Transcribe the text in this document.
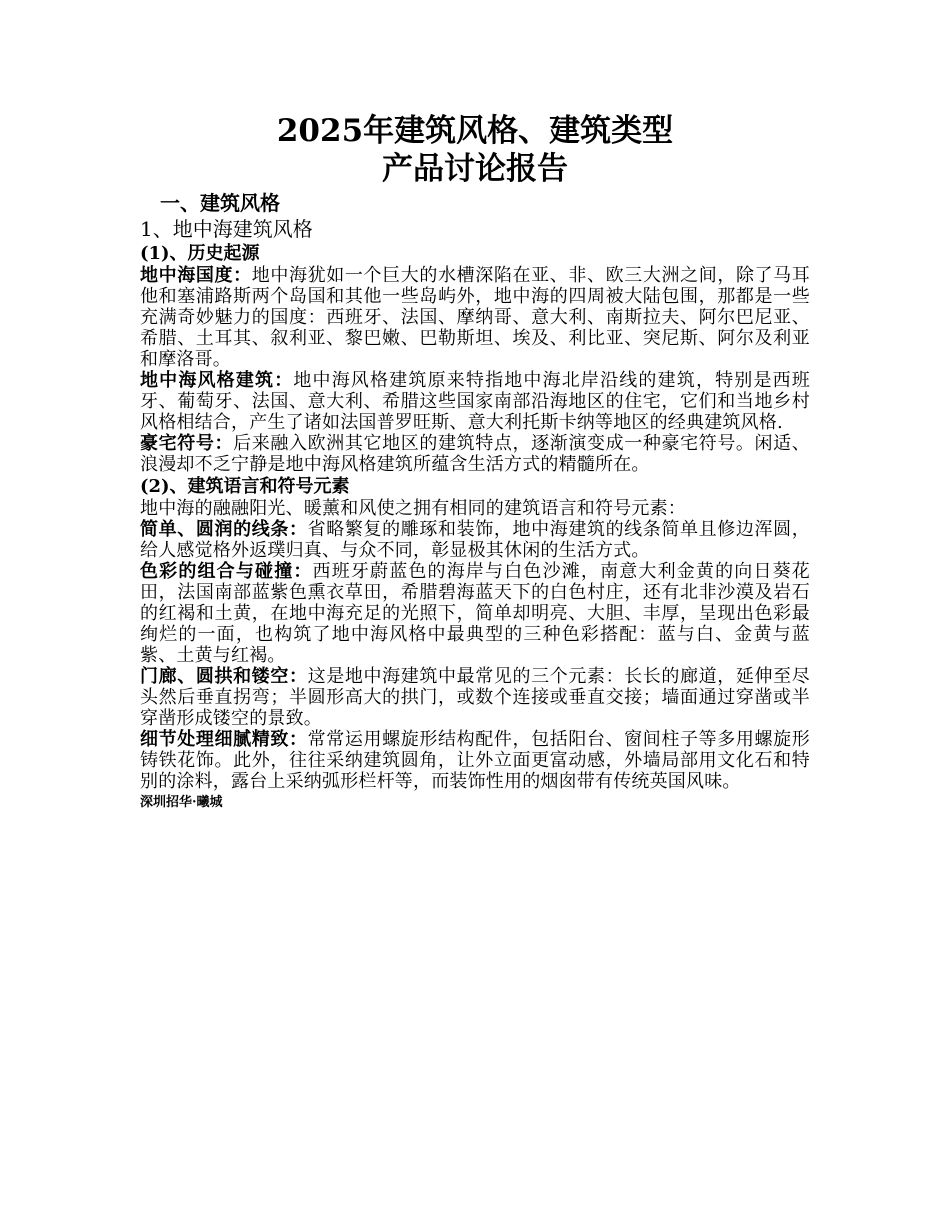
2025年建筑风格、建筑类型
产品讨论报告
一、建筑风格
1、地中海建筑风格
(1)、历史起源

地中海国度：地中海犹如一个巨大的水槽深陷在亚、非、欧三大洲之间，除了马耳他和塞浦路斯两个岛国和其他一些岛屿外，地中海的四周被大陆包围，那都是一些充满奇妙魅力的国度：西班牙、法国、摩纳哥、意大利、南斯拉夫、阿尔巴尼亚、希腊、土耳其、叙利亚、黎巴嫩、巴勒斯坦、埃及、利比亚、突尼斯、阿尔及利亚和摩洛哥。

地中海风格建筑：地中海风格建筑原来特指地中海北岸沿线的建筑，特别是西班牙、葡萄牙、法国、意大利、希腊这些国家南部沿海地区的住宅，它们和当地乡村风格相结合，产生了诸如法国普罗旺斯、意大利托斯卡纳等地区的经典建筑风格.

豪宅符号：后来融入欧洲其它地区的建筑特点，逐渐演变成一种豪宅符号。闲适、浪漫却不乏宁静是地中海风格建筑所蕴含生活方式的精髓所在。

(2)、建筑语言和符号元素

地中海的融融阳光、暖薰和风使之拥有相同的建筑语言和符号元素：

简单、圆润的线条：省略繁复的雕琢和装饰，地中海建筑的线条简单且修边浑圆，给人感觉格外返璞归真、与众不同，彰显极其休闲的生活方式。

色彩的组合与碰撞：西班牙蔚蓝色的海岸与白色沙滩，南意大利金黄的向日葵花田，法国南部蓝紫色熏衣草田，希腊碧海蓝天下的白色村庄，还有北非沙漠及岩石的红褐和土黄，在地中海充足的光照下，简单却明亮、大胆、丰厚，呈现出色彩最绚烂的一面，也构筑了地中海风格中最典型的三种色彩搭配：蓝与白、金黄与蓝紫、土黄与红褐。

门廊、圆拱和镂空：这是地中海建筑中最常见的三个元素：长长的廊道，延伸至尽头然后垂直拐弯；半圆形高大的拱门，或数个连接或垂直交接；墙面通过穿凿或半穿凿形成镂空的景致。

细节处理细腻精致：常常运用螺旋形结构配件，包括阳台、窗间柱子等多用螺旋形铸铁花饰。此外，往往采纳建筑圆角，让外立面更富动感，外墙局部用文化石和特别的涂料，露台上采纳弧形栏杆等，而装饰性用的烟囱带有传统英国风味。

深圳招华·曦城
